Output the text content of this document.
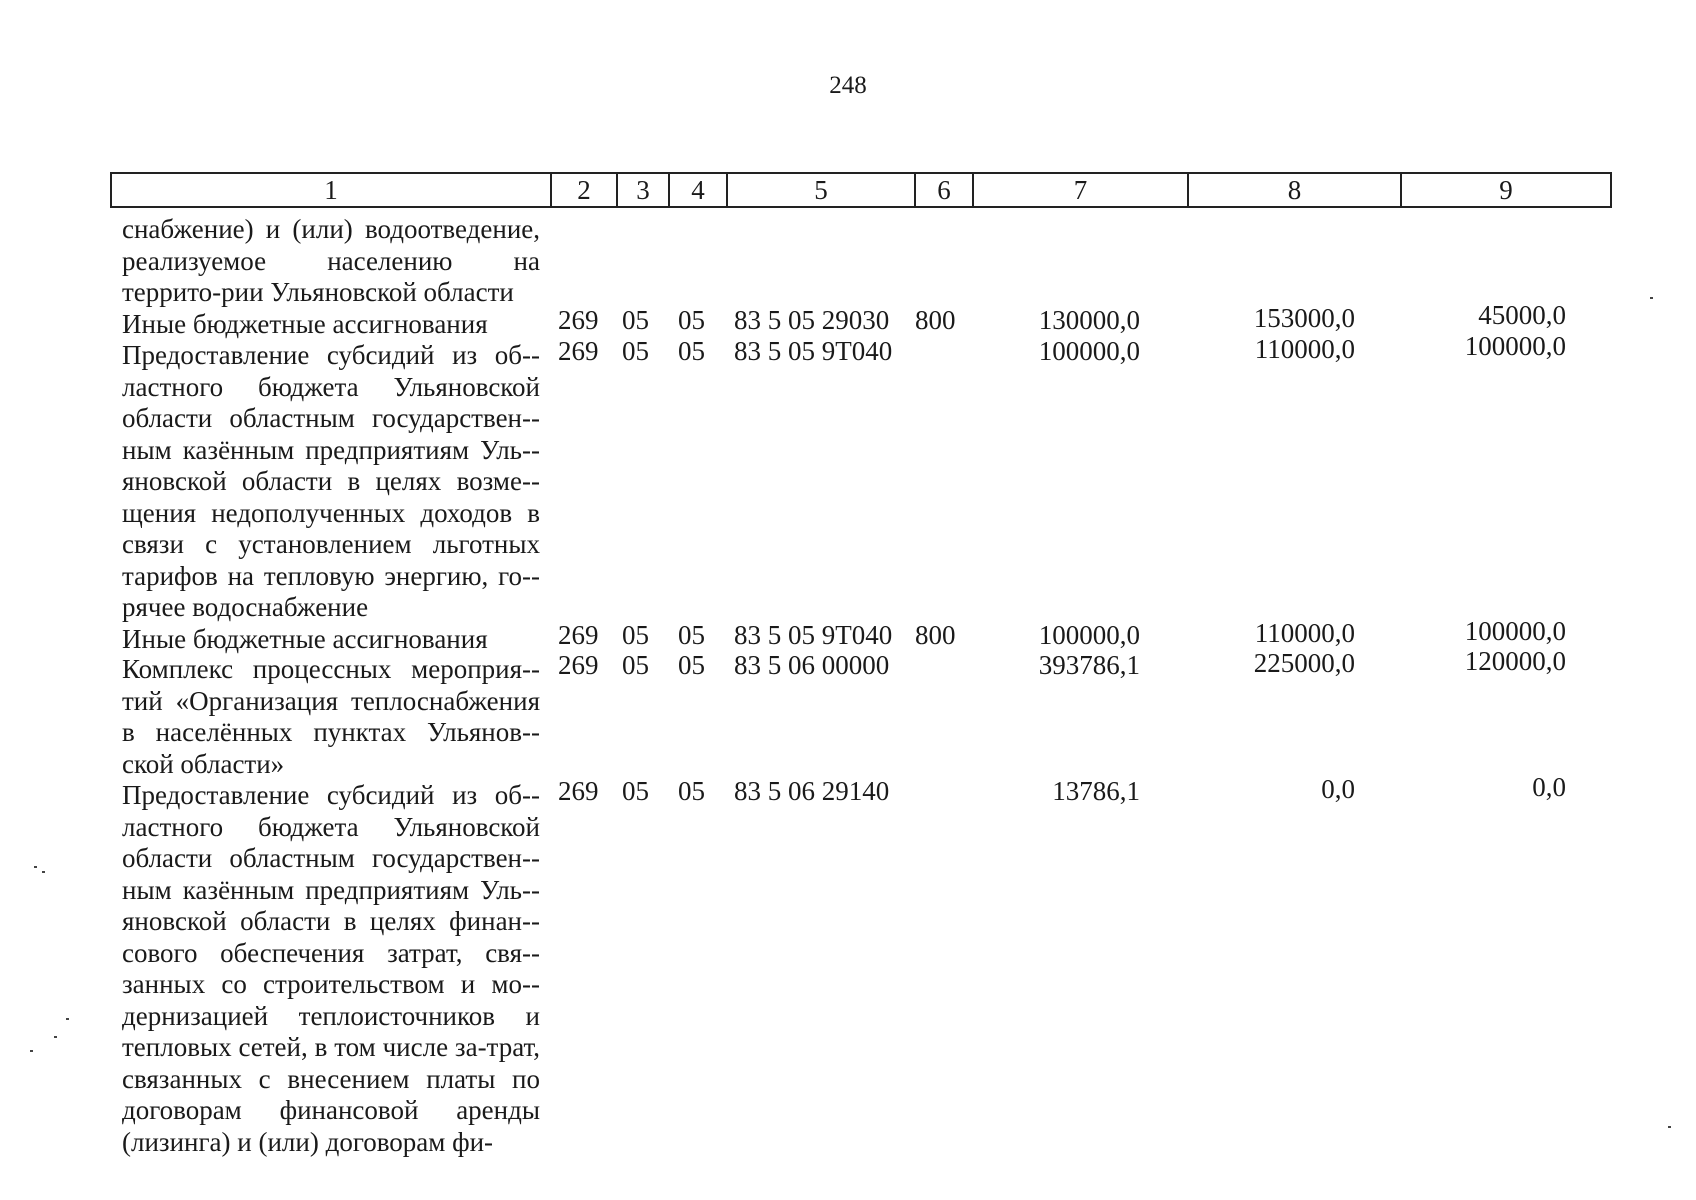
248
1	2	3	4	5	6	7	8	9
снабжение) и (или) водоотведение, реализуемое населению на террито-рии Ульяновской области
Иные бюджетные ассигнования	269 05 05 83 5 05 29030 800	130000,0	153000,0	45000,0
Предоставление субсидий из об-ластного бюджета Ульяновской области областным государствен-ным казённым предприятиям Уль-яновской области в целях возме-щения недополученных доходов в связи с установлением льготных тарифов на тепловую энергию, го-рячее водоснабжение
269 05 05 83 5 05 9Т040	100000,0	110000,0	100000,0
Иные бюджетные ассигнования	269 05 05 83 5 05 9Т040 800	100000,0	110000,0	100000,0
Комплекс процессных мероприя-тий «Организация теплоснабжения в населённых пунктах Ульянов-ской области»
269 05 05 83 5 06 00000	393786,1	225000,0	120000,0
Предоставление субсидий из об-ластного бюджета Ульяновской области областным государствен-ным казённым предприятиям Уль-яновской области в целях финан-сового обеспечения затрат, свя-занных со строительством и мо-дернизацией теплоисточников и тепловых сетей, в том числе за-трат, связанных с внесением платы по договорам финансовой аренды (лизинга) и (или) договорам фи-
269 05 05 83 5 06 29140	13786,1	0,0	0,0
